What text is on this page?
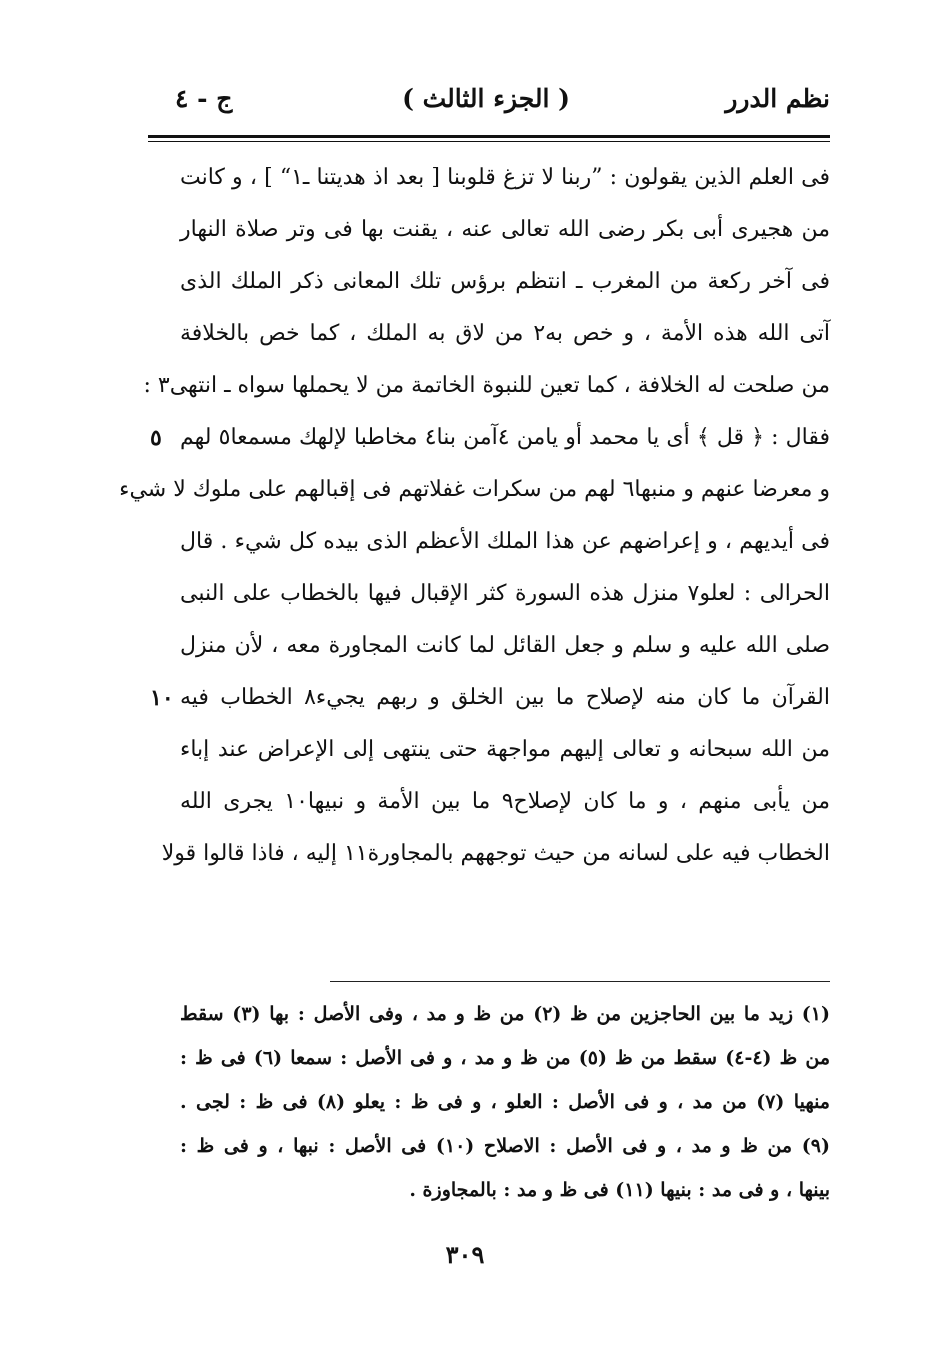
نظم الدرر
( الجزء الثالث )
ج - ٤
فى العلم الذين يقولون : ”ربنا لا تزغ قلوبنا [ بعد اذ هديتنا ـ١“ ] ، و كانت
من هجيرى أبى بكر رضى الله تعالى عنه ، يقنت بها فى وتر صلاة النهار
فى آخر ركعة من المغرب ـ انتظم برؤس تلك المعانى ذكر الملك الذى
آتى الله هذه الأمة ، و خص به٢ من لاق به الملك ، كما خص بالخلافة
من صلحت له الخلافة ، كما تعين للنبوة الخاتمة من لا يحملها سواه ـ انتهى٣ :
فقال : ﴿ قل ﴾ أى يا محمد أو يامن ٤آمن بنا٤ مخاطبا لإلهك مسمعا٥ لهم
و معرضا عنهم و منبها٦ لهم من سكرات غفلاتهم فى إقبالهم على ملوك لا شيء
فى أيديهم ، و إعراضهم عن هذا الملك الأعظم الذى بيده كل شيء . قال
الحرالى : لعلو٧ منزل هذه السورة كثر الإقبال فيها بالخطاب على النبى
صلى الله عليه و سلم و جعل القائل لما كانت المجاورة معه ، لأن منزل
القرآن ما كان منه لإصلاح ما بين الخلق و ربهم يجيء٨ الخطاب فيه
من الله سبحانه و تعالى إليهم مواجهة حتى ينتهى إلى الإعراض عند إباء
من يأبى منهم ، و ما كان لإصلاح٩ ما بين الأمة و نبيها١٠ يجرى الله
الخطاب فيه على لسانه من حيث توجههم بالمجاورة١١ إليه ، فاذا قالوا قولا
٥
١٠
(١) زيد ما بين الحاجزين من ظ (٢) من ظ و مد ، وفى الأصل : بها (٣) سقط
من ظ (٤-٤) سقط من ظ (٥) من ظ و مد ، و فى الأصل : سمعا (٦) فى ظ :
منهيا (٧) من مد ، و فى الأصل : العلو ، و فى ظ : يعلو (٨) فى ظ : لجى .
(٩) من ظ و مد ، و فى الأصل : الاصلاح (١٠) فى الأصل : نبها ، و فى ظ :
بينها ، و فى مد : بنيها (١١) فى ظ و مد : بالمجاوزة .
٣٠٩
